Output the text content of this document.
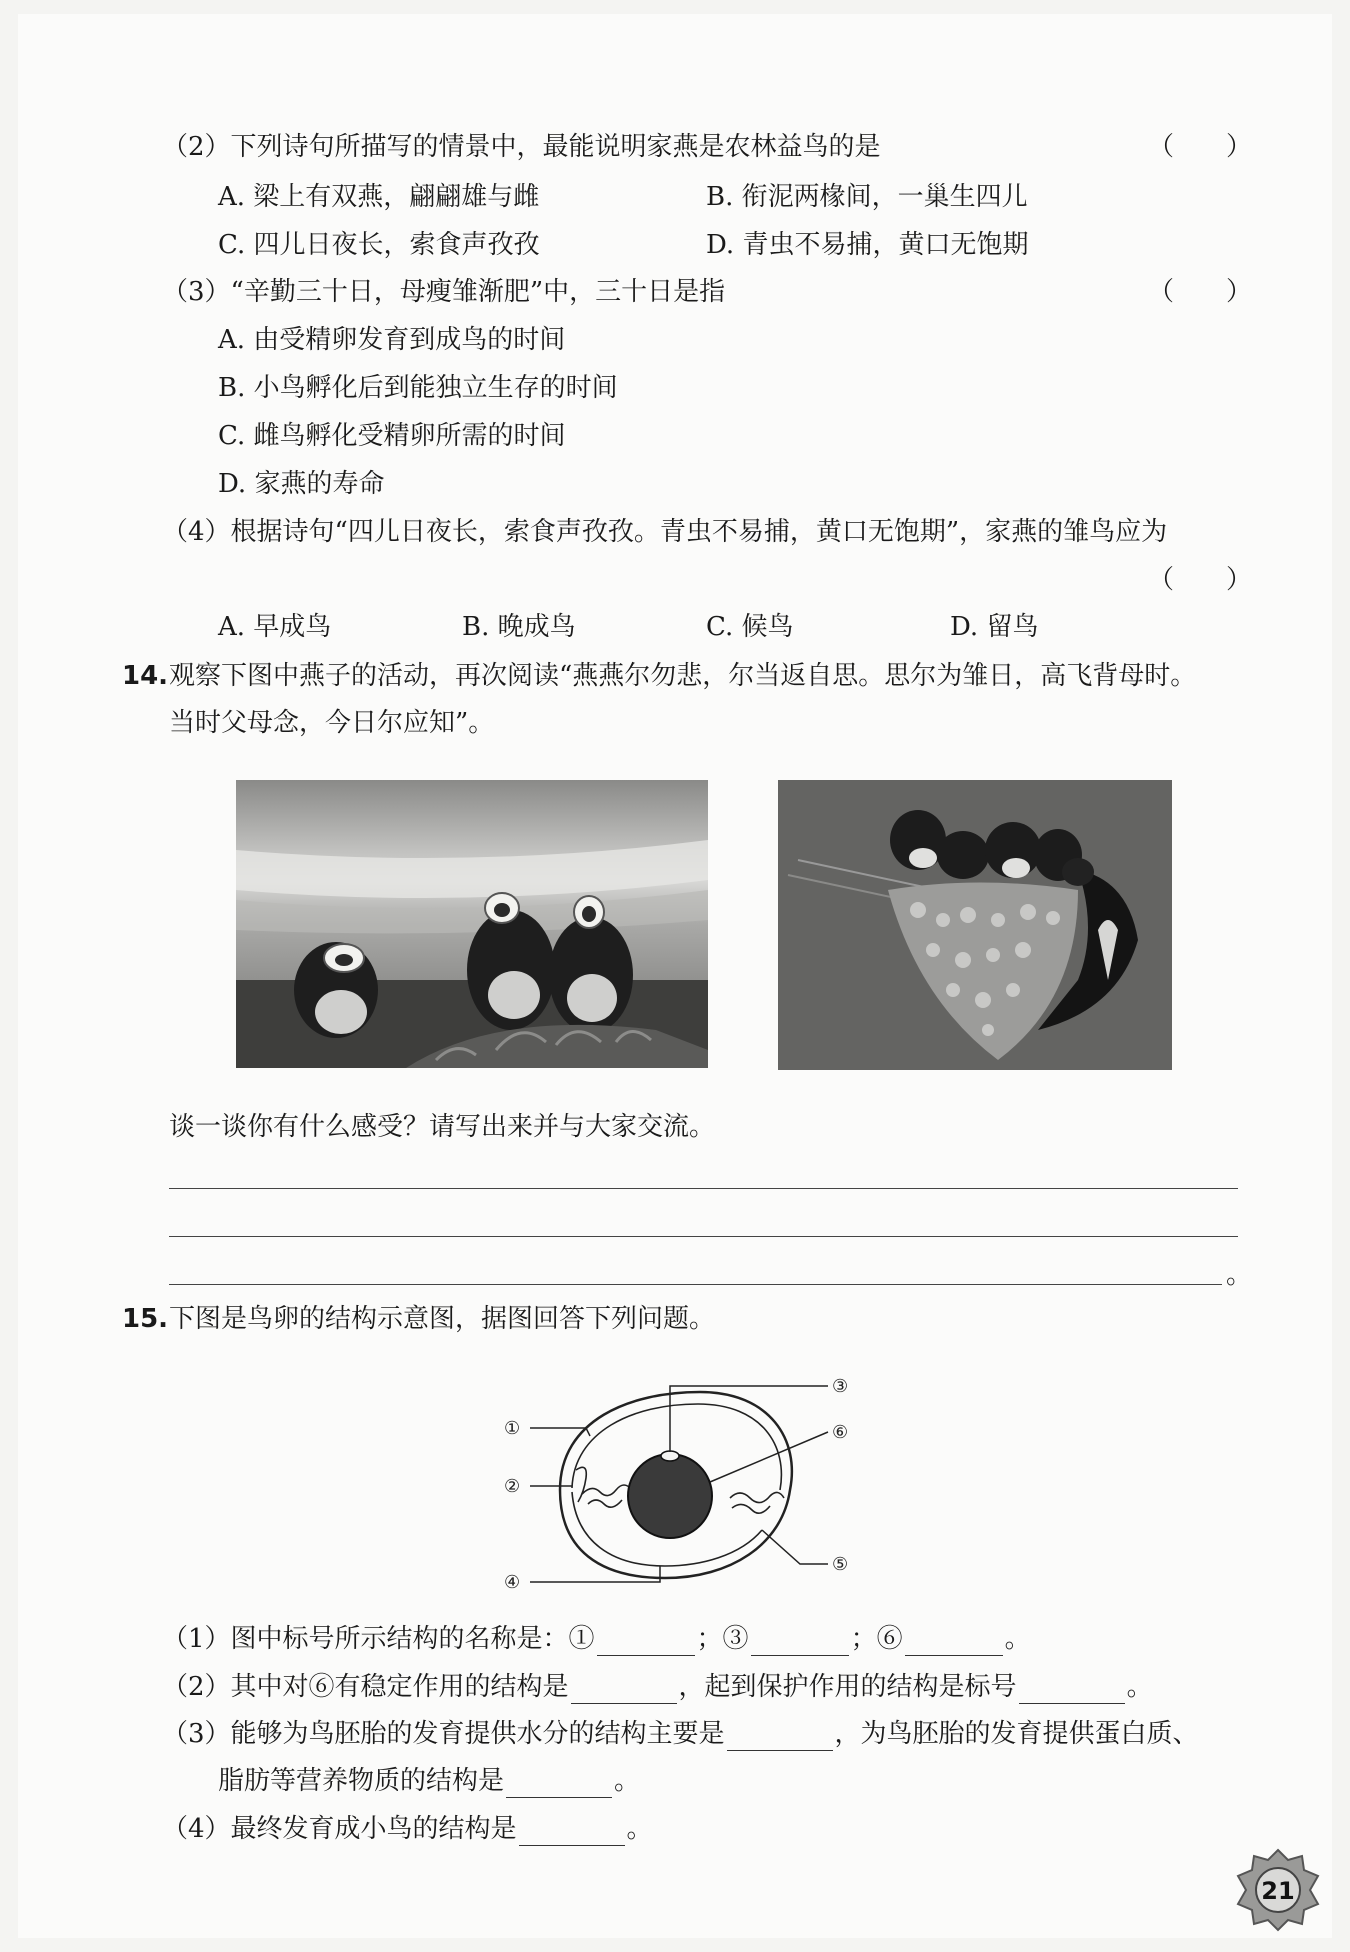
（2）下列诗句所描写的情景中，最能说明家燕是农林益鸟的是	（　　）
A. 梁上有双燕，翩翩雄与雌	B. 衔泥两椽间，一巢生四儿
C. 四儿日夜长，索食声孜孜	D. 青虫不易捕，黄口无饱期
（3）“辛勤三十日，母瘦雏渐肥”中，三十日是指	（　　）
A. 由受精卵发育到成鸟的时间
B. 小鸟孵化后到能独立生存的时间
C. 雌鸟孵化受精卵所需的时间
D. 家燕的寿命
（4）根据诗句“四儿日夜长，索食声孜孜。青虫不易捕，黄口无饱期”，家燕的雏鸟应为
（　　）
A. 早成鸟	B. 晚成鸟	C. 候鸟	D. 留鸟
14. 观察下图中燕子的活动，再次阅读“燕燕尔勿悲，尔当返自思。思尔为雏日，高飞背母时。
当时父母念，今日尔应知”。
谈一谈你有什么感受？请写出来并与大家交流。
。
15. 下图是鸟卵的结构示意图，据图回答下列问题。
①
②
③
④
⑤
⑥
（1）图中标号所示结构的名称是：①	；③	；⑥	。
（2）其中对⑥有稳定作用的结构是	，起到保护作用的结构是标号	。
（3）能够为鸟胚胎的发育提供水分的结构主要是	，为鸟胚胎的发育提供蛋白质、
脂肪等营养物质的结构是	。
（4）最终发育成小鸟的结构是	。
21
